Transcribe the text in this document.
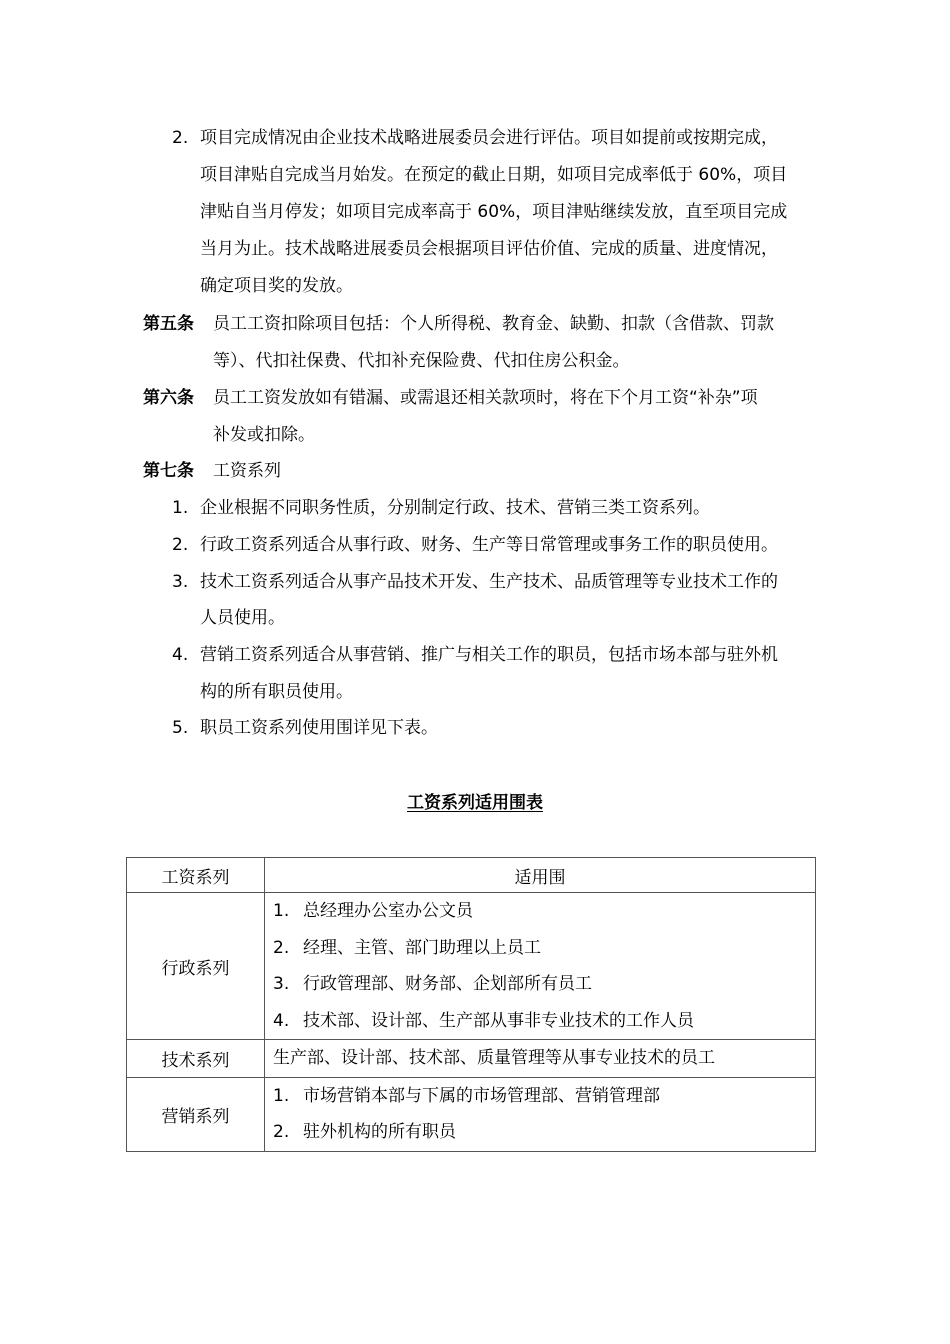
2. 项目完成情况由企业技术战略进展委员会进行评估。项目如提前或按期完成，
项目津贴自完成当月始发。在预定的截止日期，如项目完成率低于 60%，项目
津贴自当月停发；如项目完成率高于 60%，项目津贴继续发放，直至项目完成
当月为止。技术战略进展委员会根据项目评估价值、完成的质量、进度情况，
确定项目奖的发放。
第五条 员工工资扣除项目包括：个人所得税、教育金、缺勤、扣款（含借款、罚款
等）、代扣社保费、代扣补充保险费、代扣住房公积金。
第六条 员工工资发放如有错漏、或需退还相关款项时，将在下个月工资“补杂”项
补发或扣除。
第七条 工资系列
1. 企业根据不同职务性质，分别制定行政、技术、营销三类工资系列。
2. 行政工资系列适合从事行政、财务、生产等日常管理或事务工作的职员使用。
3. 技术工资系列适合从事产品技术开发、生产技术、品质管理等专业技术工作的
人员使用。
4. 营销工资系列适合从事营销、推广与相关工作的职员，包括市场本部与驻外机
构的所有职员使用。
5. 职员工资系列使用围详见下表。
工资系列适用围表
工资系列	适用围
行政系列	1. 总经理办公室办公文员
2. 经理、主管、部门助理以上员工
3. 行政管理部、财务部、企划部所有员工
4. 技术部、设计部、生产部从事非专业技术的工作人员

技术系列	生产部、设计部、技术部、质量管理等从事专业技术的员工

营销系列	1. 市场营销本部与下属的市场管理部、营销管理部
2. 驻外机构的所有职员
